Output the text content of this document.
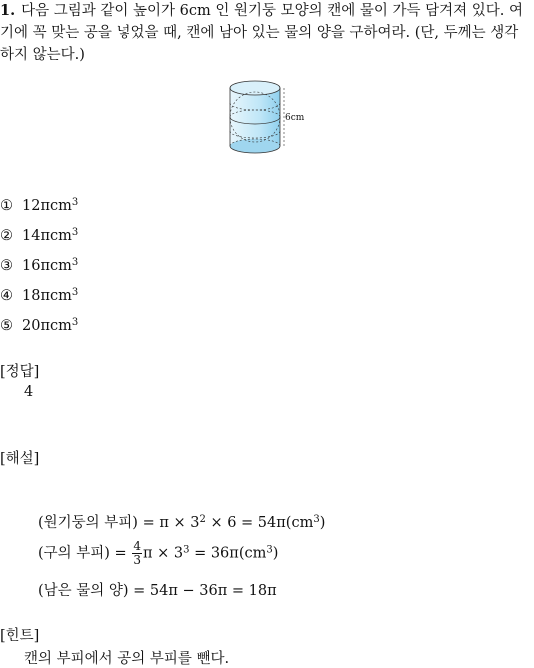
1. 다음 그림과 같이 높이가 6cm 인 원기둥 모양의 캔에 물이 가득 담겨져 있다. 여기에 꼭 맞는 공을 넣었을 때, 캔에 남아 있는 물의 양을 구하여라. (단, 두께는 생각하지 않는다.)
6cm
① 12πcm$^3$
② 14πcm$^3$
③ 16πcm$^3$
④ 18πcm$^3$
⑤ 20πcm$^3$
[정답]
4
[해설]
(원기둥의 부피) = $\pi \times 3^2 \times 6 = 54\pi(cm^3)$
(구의 부피) = $\frac{4}{3}$ $\pi \times 3^3 = 36\pi(cm^3)$
(남은 물의 양) = 54π − 36π = 18π
[힌트]
캔의 부피에서 공의 부피를 뺀다.
